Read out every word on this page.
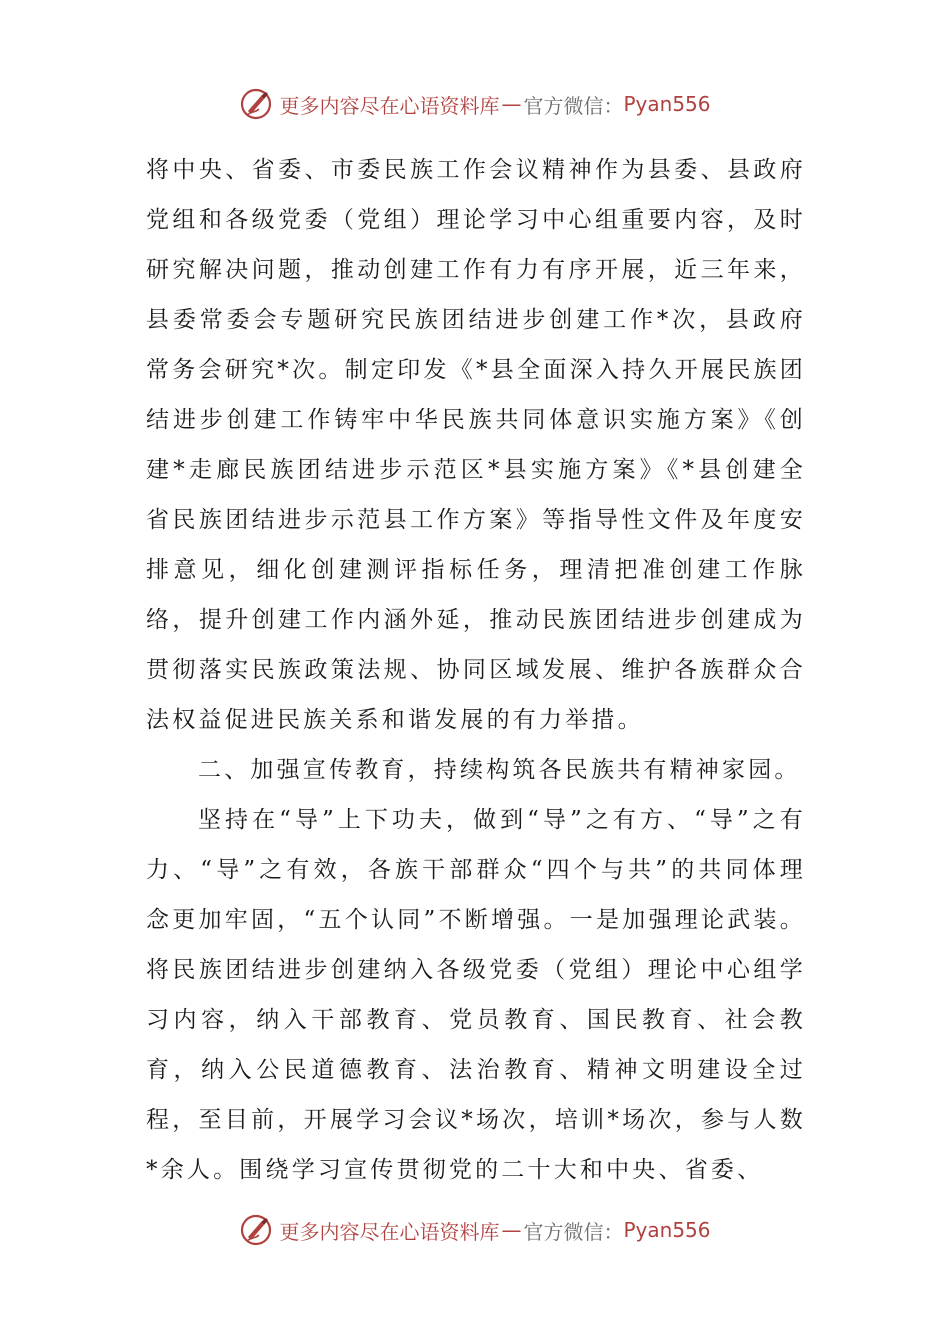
更多内容尽在心语资料库 — 官方微信： Pyan556

将中央、省委、市委民族工作会议精神作为县委、县政府党组和各级党委（党组）理论学习中心组重要内容，及时研究解决问题，推动创建工作有力有序开展，近三年来，县委常委会专题研究民族团结进步创建工作*次，县政府常务会研究*次。制定印发《*县全面深入持久开展民族团结进步创建工作铸牢中华民族共同体意识实施方案》《创建*走廊民族团结进步示范区*县实施方案》《*县创建全省民族团结进步示范县工作方案》等指导性文件及年度安排意见，细化创建测评指标任务，理清把准创建工作脉络，提升创建工作内涵外延，推动民族团结进步创建成为贯彻落实民族政策法规、协同区域发展、维护各族群众合法权益促进民族关系和谐发展的有力举措。

二、加强宣传教育，持续构筑各民族共有精神家园。

坚持在“导”上下功夫，做到“导”之有方、“导”之有力、“导”之有效，各族干部群众“四个与共”的共同体理念更加牢固，“五个认同”不断增强。一是加强理论武装。将民族团结进步创建纳入各级党委（党组）理论中心组学习内容，纳入干部教育、党员教育、国民教育、社会教育，纳入公民道德教育、法治教育、精神文明建设全过程，至目前，开展学习会议*场次，培训*场次，参与人数*余人。围绕学习宣传贯彻党的二十大和中央、省委、

更多内容尽在心语资料库 — 官方微信： Pyan556
